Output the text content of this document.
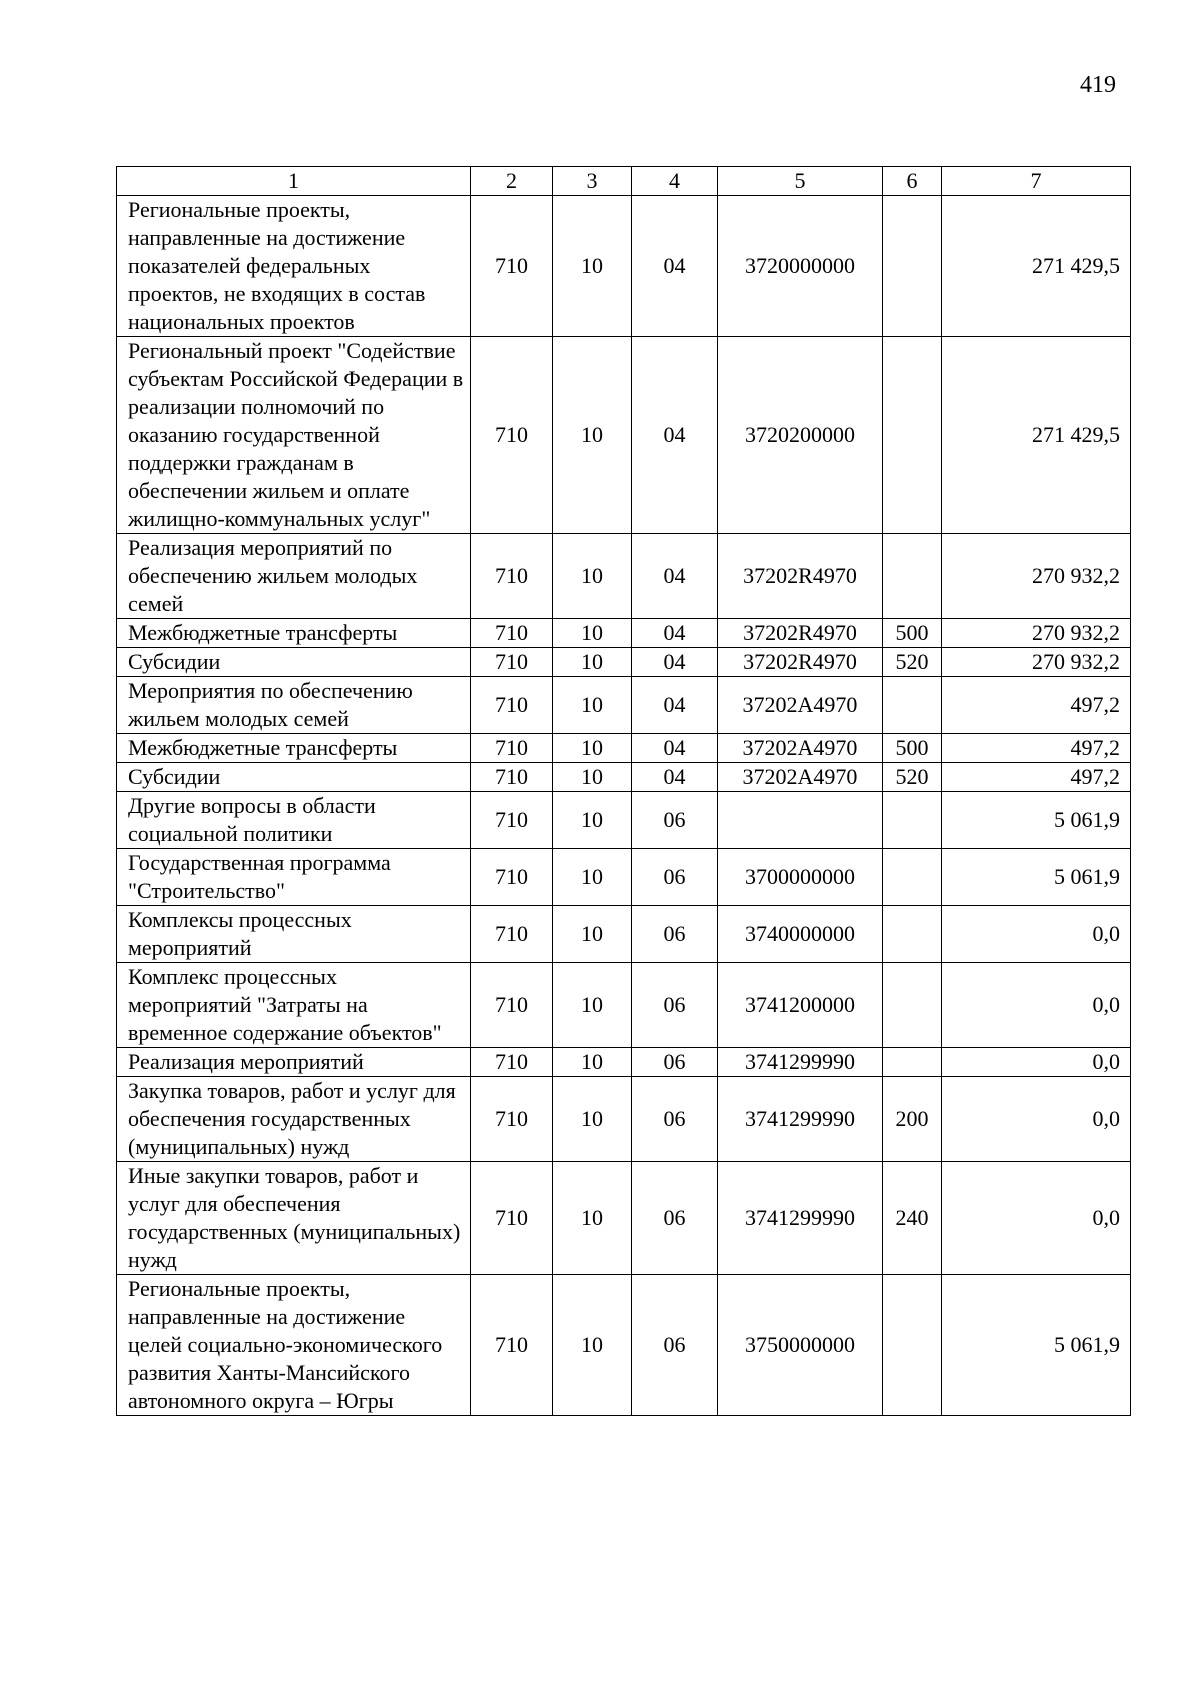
419
1	2	3	4	5	6	7
Региональные проекты, направленные на достижение показателей федеральных проектов, не входящих в состав национальных проектов	710	10	04	3720000000		271 429,5
Региональный проект "Содействие субъектам Российской Федерации в реализации полномочий по оказанию государственной поддержки гражданам в обеспечении жильем и оплате жилищно-коммунальных услуг"	710	10	04	3720200000		271 429,5
Реализация мероприятий по обеспечению жильем молодых семей	710	10	04	37202R4970		270 932,2
Межбюджетные трансферты	710	10	04	37202R4970	500	270 932,2
Субсидии	710	10	04	37202R4970	520	270 932,2
Мероприятия по обеспечению жильем молодых семей	710	10	04	37202A4970		497,2
Межбюджетные трансферты	710	10	04	37202A4970	500	497,2
Субсидии	710	10	04	37202A4970	520	497,2
Другие вопросы в области социальной политики	710	10	06			5 061,9
Государственная программа "Строительство"	710	10	06	3700000000		5 061,9
Комплексы процессных мероприятий	710	10	06	3740000000		0,0
Комплекс процессных мероприятий "Затраты на временное содержание объектов"	710	10	06	3741200000		0,0
Реализация мероприятий	710	10	06	3741299990		0,0
Закупка товаров, работ и услуг для обеспечения государственных (муниципальных) нужд	710	10	06	3741299990	200	0,0
Иные закупки товаров, работ и услуг для обеспечения государственных (муниципальных) нужд	710	10	06	3741299990	240	0,0
Региональные проекты, направленные на достижение целей социально-экономического развития Ханты-Мансийского автономного округа – Югры	710	10	06	3750000000		5 061,9
